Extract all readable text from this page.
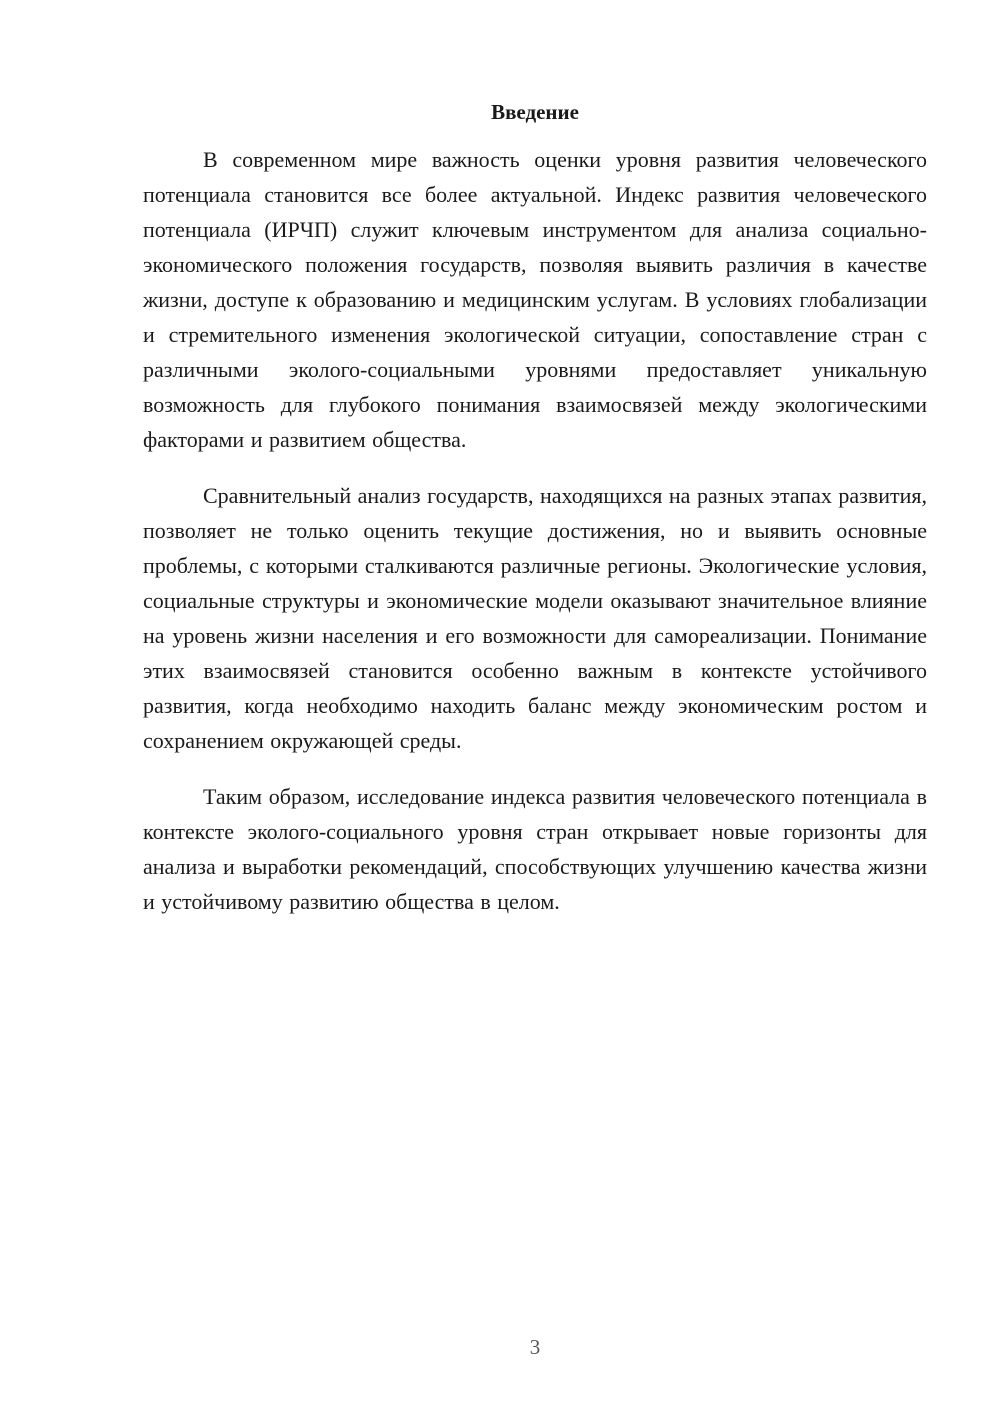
Введение

В современном мире важность оценки уровня развития человеческого потенциала становится все более актуальной. Индекс развития человеческого потенциала (ИРЧП) служит ключевым инструментом для анализа социально-экономического положения государств, позволяя выявить различия в качестве жизни, доступе к образованию и медицинским услугам. В условиях глобализации и стремительного изменения экологической ситуации, сопоставление стран с различными эколого-социальными уровнями предоставляет уникальную возможность для глубокого понимания взаимосвязей между экологическими факторами и развитием общества.

Сравнительный анализ государств, находящихся на разных этапах развития, позволяет не только оценить текущие достижения, но и выявить основные проблемы, с которыми сталкиваются различные регионы. Экологические условия, социальные структуры и экономические модели оказывают значительное влияние на уровень жизни населения и его возможности для самореализации. Понимание этих взаимосвязей становится особенно важным в контексте устойчивого развития, когда необходимо находить баланс между экономическим ростом и сохранением окружающей среды.

Таким образом, исследование индекса развития человеческого потенциала в контексте эколого-социального уровня стран открывает новые горизонты для анализа и выработки рекомендаций, способствующих улучшению качества жизни и устойчивому развитию общества в целом.

3
